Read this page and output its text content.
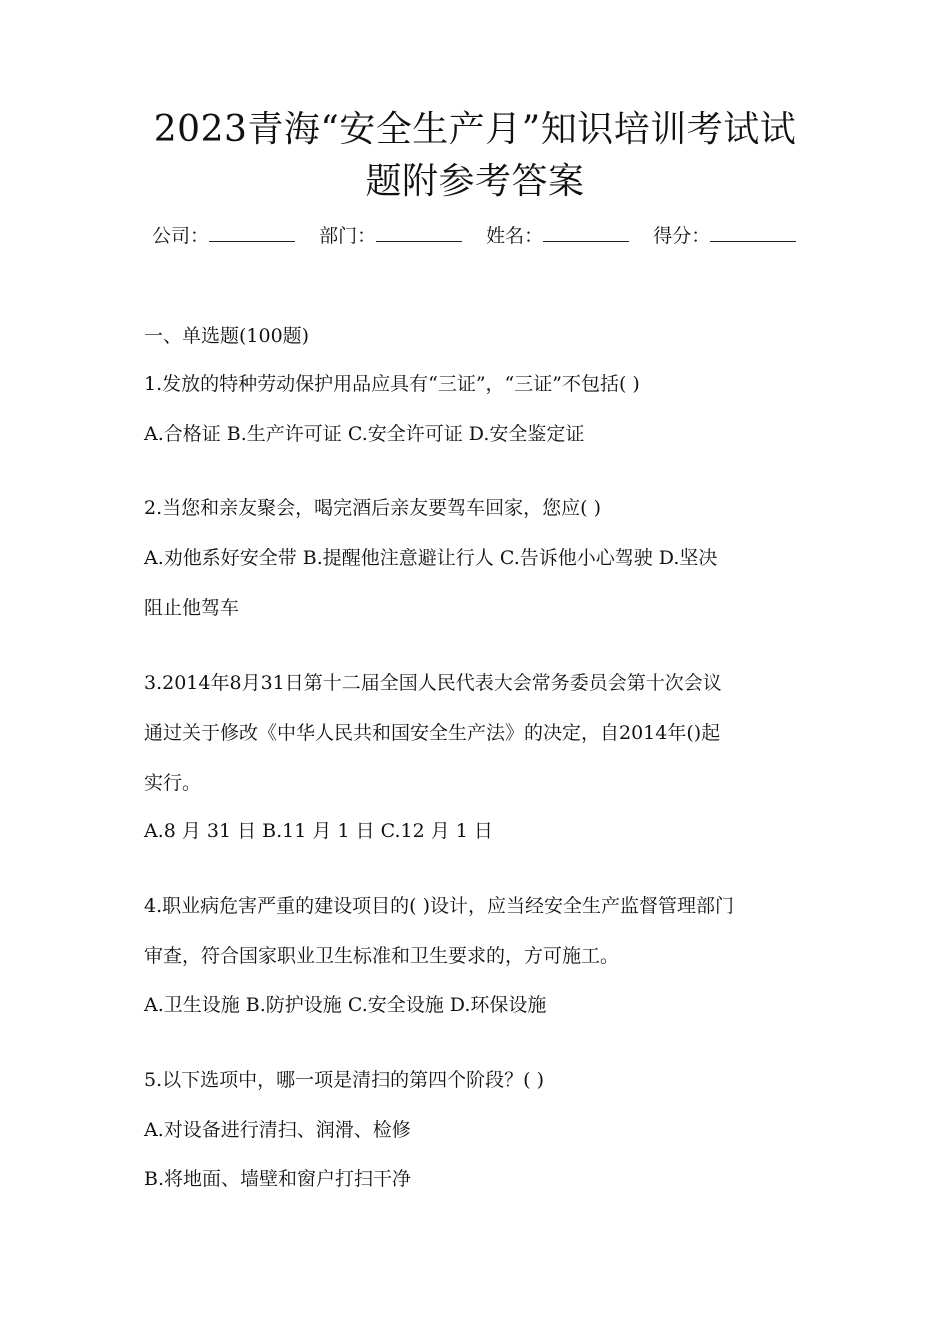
2023青海“安全生产月”知识培训考试试
题附参考答案
公司：	部门：	姓名：	得分：
一、单选题(100题)
1.发放的特种劳动保护用品应具有“三证”，“三证”不包括( )
A.合格证 B.生产许可证 C.安全许可证 D.安全鉴定证
2.当您和亲友聚会，喝完酒后亲友要驾车回家，您应( )
A.劝他系好安全带 B.提醒他注意避让行人 C.告诉他小心驾驶 D.坚决
阻止他驾车
3.2014年8月31日第十二届全国人民代表大会常务委员会第十次会议
通过关于修改《中华人民共和国安全生产法》的决定，自2014年()起
实行。
A.8 月 31 日 B.11 月 1 日 C.12 月 1 日
4.职业病危害严重的建设项目的( )设计，应当经安全生产监督管理部门
审查，符合国家职业卫生标准和卫生要求的，方可施工。
A.卫生设施 B.防护设施 C.安全设施 D.环保设施
5.以下选项中，哪一项是清扫的第四个阶段？( )
A.对设备进行清扫、润滑、检修
B.将地面、墙壁和窗户打扫干净
